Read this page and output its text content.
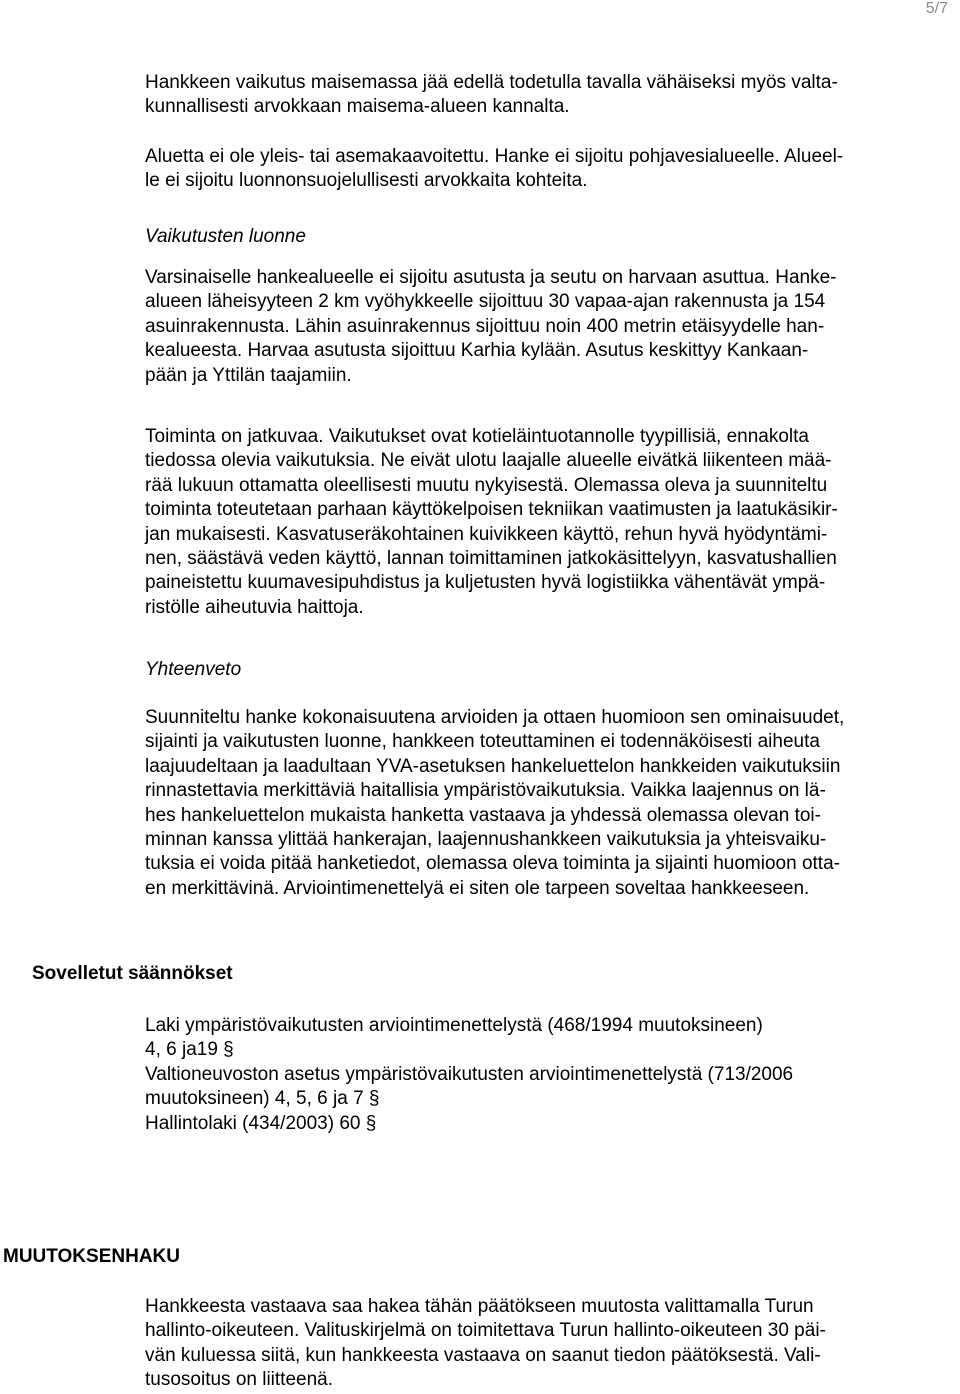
5/7
Hankkeen vaikutus maisemassa jää edellä todetulla tavalla vähäiseksi myös valta-
kunnallisesti arvokkaan maisema-alueen kannalta.
Aluetta ei ole yleis- tai asemakaavoitettu. Hanke ei sijoitu pohjavesialueelle. Alueel-
le ei sijoitu luonnonsuojelullisesti arvokkaita kohteita.
Vaikutusten luonne
Varsinaiselle hankealueelle ei sijoitu asutusta ja seutu on harvaan asuttua. Hanke-
alueen läheisyyteen 2 km vyöhykkeelle sijoittuu 30 vapaa-ajan rakennusta ja 154
asuinrakennusta. Lähin asuinrakennus sijoittuu noin 400 metrin etäisyydelle han-
kealueesta. Harvaa asutusta sijoittuu Karhia kylään. Asutus keskittyy Kankaan-
pään ja Yttilän taajamiin.
Toiminta on jatkuvaa. Vaikutukset ovat kotieläintuotannolle tyypillisiä, ennakolta
tiedossa olevia vaikutuksia. Ne eivät ulotu laajalle alueelle eivätkä liikenteen mää-
rää lukuun ottamatta oleellisesti muutu nykyisestä. Olemassa oleva ja suunniteltu
toiminta toteutetaan parhaan käyttökelpoisen tekniikan vaatimusten ja laatukäsikir-
jan mukaisesti. Kasvatuseräkohtainen kuivikkeen käyttö, rehun hyvä hyödyntämi-
nen, säästävä veden käyttö, lannan toimittaminen jatkokäsittelyyn, kasvatushallien
paineistettu kuumavesipuhdistus ja kuljetusten hyvä logistiikka vähentävät ympä-
ristölle aiheutuvia haittoja.
Yhteenveto
Suunniteltu hanke kokonaisuutena arvioiden ja ottaen huomioon sen ominaisuudet,
sijainti ja vaikutusten luonne, hankkeen toteuttaminen ei todennäköisesti aiheuta
laajuudeltaan ja laadultaan YVA-asetuksen hankeluettelon hankkeiden vaikutuksiin
rinnastettavia merkittäviä haitallisia ympäristövaikutuksia. Vaikka laajennus on lä-
hes hankeluettelon mukaista hanketta vastaava ja yhdessä olemassa olevan toi-
minnan kanssa ylittää hankerajan, laajennushankkeen vaikutuksia ja yhteisvaiku-
tuksia ei voida pitää hanketiedot, olemassa oleva toiminta ja sijainti huomioon otta-
en merkittävinä. Arviointimenettelyä ei siten ole tarpeen soveltaa hankkeeseen.
Sovelletut säännökset
Laki ympäristövaikutusten arviointimenettelystä (468/1994 muutoksineen)
4, 6 ja19 §
Valtioneuvoston asetus ympäristövaikutusten arviointimenettelystä (713/2006
muutoksineen) 4, 5, 6 ja 7 §
Hallintolaki (434/2003) 60 §
MUUTOKSENHAKU
Hankkeesta vastaava saa hakea tähän päätökseen muutosta valittamalla Turun
hallinto-oikeuteen. Valituskirjelmä on toimitettava Turun hallinto-oikeuteen 30 päi-
vän kuluessa siitä, kun hankkeesta vastaava on saanut tiedon päätöksestä. Vali-
tusosoitus on liitteenä.
